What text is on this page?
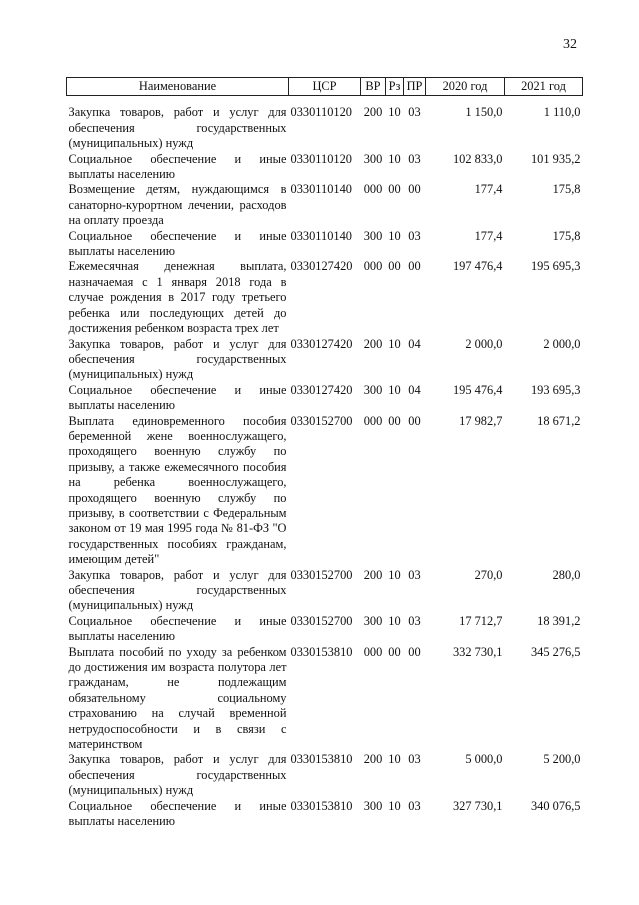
32
Наименование	ЦСР	ВР	Рз	ПР	2020 год	2021 год

Закупка товаров, работ и услуг для обеспечения государственных (муниципальных) нужд	0330110120	200	10	03	1 150,0	1 110,0
Социальное обеспечение и иные выплаты населению	0330110120	300	10	03	102 833,0	101 935,2
Возмещение детям, нуждающимся в санаторно-курортном лечении, расходов на оплату проезда	0330110140	000	00	00	177,4	175,8
Социальное обеспечение и иные выплаты населению	0330110140	300	10	03	177,4	175,8
Ежемесячная денежная выплата, назначаемая с 1 января 2018 года в случае рождения в 2017 году третьего ребенка или последующих детей до достижения ребенком возраста трех лет	0330127420	000	00	00	197 476,4	195 695,3
Закупка товаров, работ и услуг для обеспечения государственных (муниципальных) нужд	0330127420	200	10	04	2 000,0	2 000,0
Социальное обеспечение и иные выплаты населению	0330127420	300	10	04	195 476,4	193 695,3
Выплата единовременного пособия беременной жене военнослужащего, проходящего военную службу по призыву, а также ежемесячного пособия на ребенка военнослужащего, проходящего военную службу по призыву, в соответствии с Федеральным законом от 19 мая 1995 года № 81-ФЗ "О государственных пособиях гражданам, имеющим детей"	0330152700	000	00	00	17 982,7	18 671,2
Закупка товаров, работ и услуг для обеспечения государственных (муниципальных) нужд	0330152700	200	10	03	270,0	280,0
Социальное обеспечение и иные выплаты населению	0330152700	300	10	03	17 712,7	18 391,2
Выплата пособий по уходу за ребенком до достижения им возраста полутора лет гражданам, не подлежащим обязательному социальному страхованию на случай временной нетрудоспособности и в связи с материнством	0330153810	000	00	00	332 730,1	345 276,5
Закупка товаров, работ и услуг для обеспечения государственных (муниципальных) нужд	0330153810	200	10	03	5 000,0	5 200,0
Социальное обеспечение и иные выплаты населению	0330153810	300	10	03	327 730,1	340 076,5
